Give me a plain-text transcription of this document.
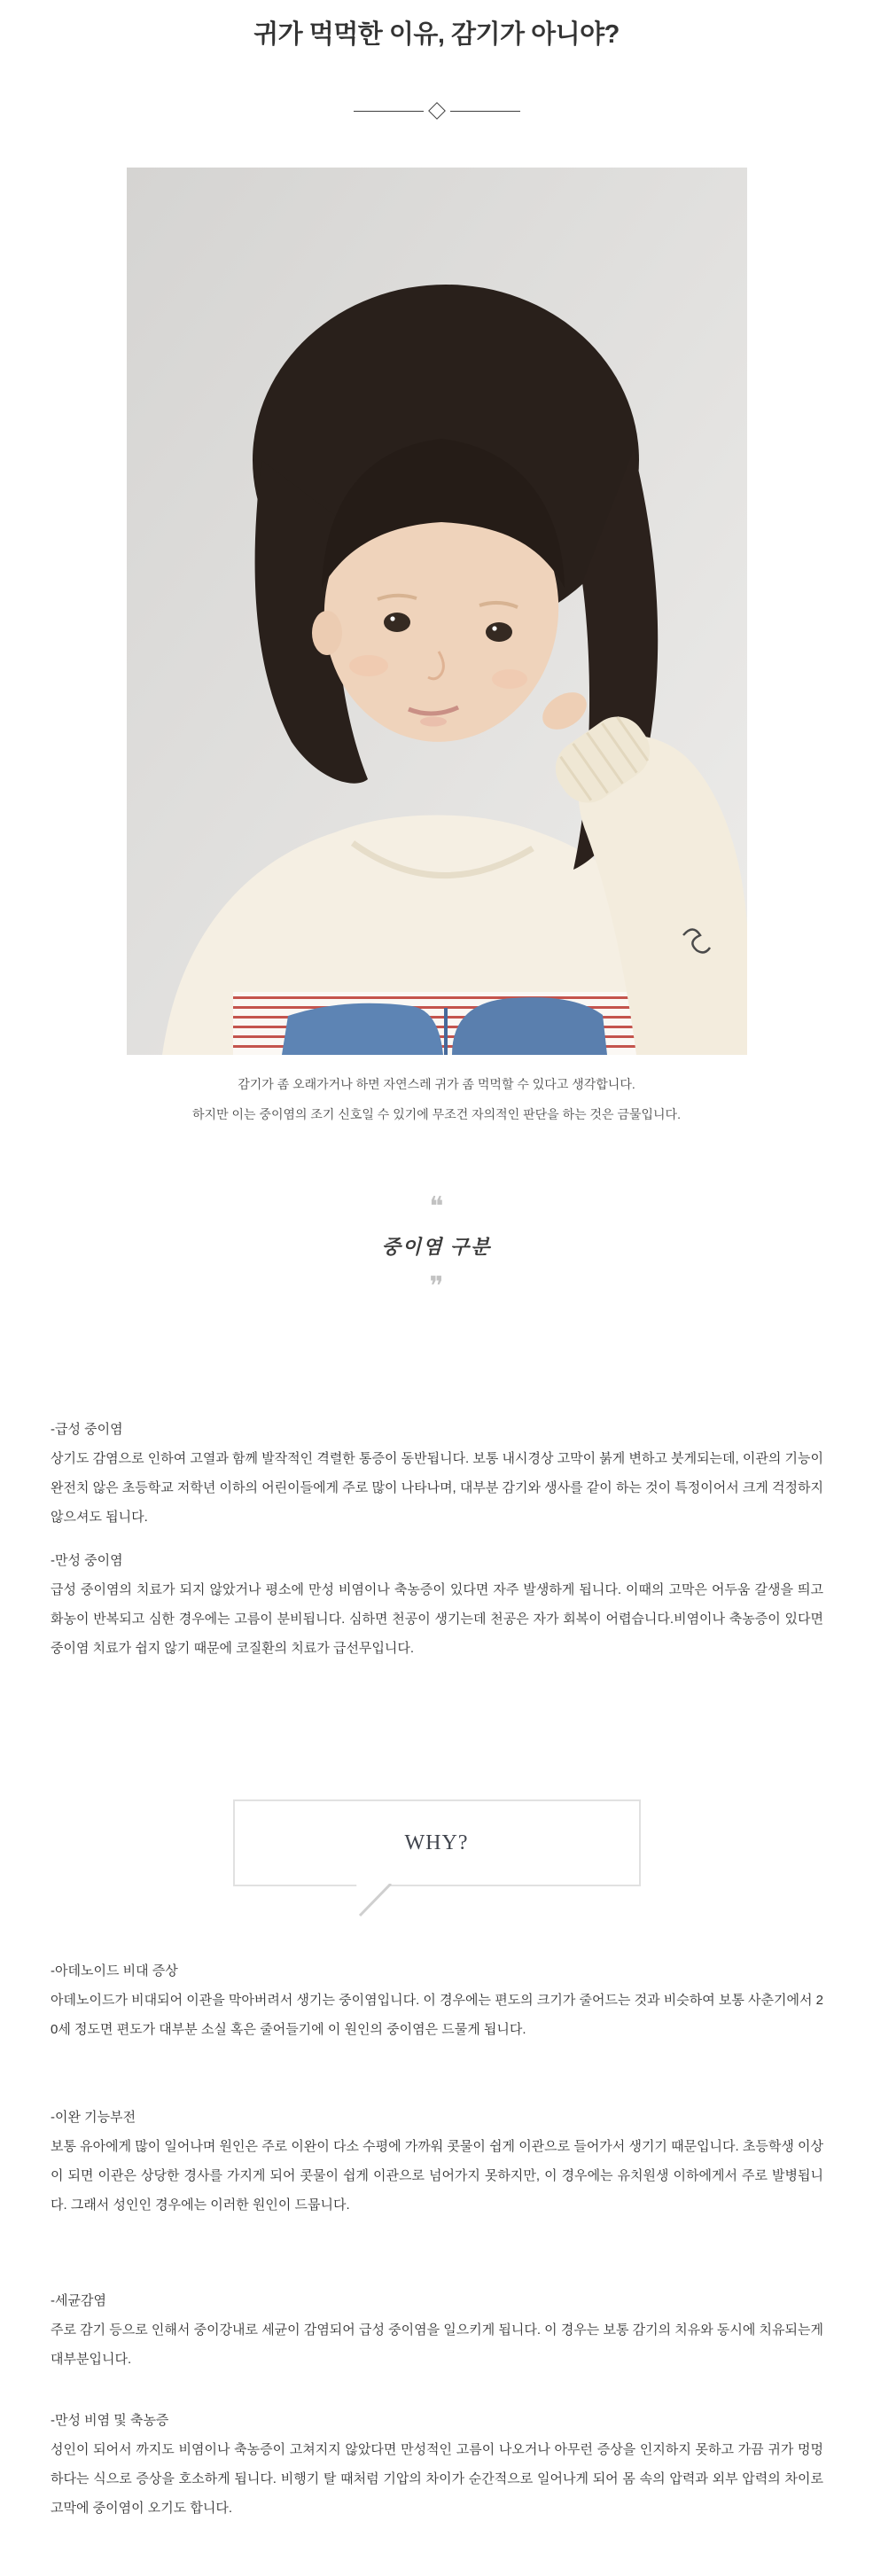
귀가 먹먹한 이유, 감기가 아니야?
감기가 좀 오래가거나 하면 자연스레 귀가 좀 먹먹할 수 있다고 생각합니다.
하지만 이는 중이염의 조기 신호일 수 있기에 무조건 자의적인 판단을 하는 것은 금물입니다.
❝
중이염 구분
❞
-급성 중이염
상기도 감염으로 인하여 고열과 함께 발작적인 격렬한 통증이 동반됩니다. 보통 내시경상 고막이 붉게 변하고 붓게되는데, 이관의 기능이 완전치 않은 초등학교 저학년 이하의 어린이들에게 주로 많이 나타나며, 대부분 감기와 생사를 같이 하는 것이 특정이어서 크게 걱정하지 않으셔도 됩니다.
-만성 중이염
급성 중이염의 치료가 되지 않았거나 평소에 만성 비염이나 축농증이 있다면 자주 발생하게 됩니다. 이때의 고막은 어두움 갈생을 띄고 화농이 반복되고 심한 경우에는 고름이 분비됩니다. 심하면 천공이 생기는데 천공은 자가 회복이 어렵습니다.비염이나 축농증이 있다면 중이염 치료가 쉽지 않기 때문에 코질환의 치료가 급선무입니다.
WHY?
-아데노이드 비대 증상
아데노이드가 비대되어 이관을 막아버려서 생기는 중이염입니다. 이 경우에는 편도의 크기가 줄어드는 것과 비슷하여 보통 사춘기에서 20세 정도면 편도가 대부분 소실 혹은 줄어들기에 이 원인의 중이염은 드물게 됩니다.
-이완 기능부전
보통 유아에게 많이 일어나며 원인은 주로 이완이 다소 수평에 가까워 콧물이 쉽게 이관으로 들어가서 생기기 때문입니다. 초등학생 이상이 되면 이관은 상당한 경사를 가지게 되어 콧물이 쉽게 이관으로 넘어가지 못하지만, 이 경우에는 유치원생 이하에게서 주로 발병됩니다. 그래서 성인인 경우에는 이러한 원인이 드뭅니다.
-세균감염
주로 감기 등으로 인해서 중이강내로 세균이 감염되어 급성 중이염을 일으키게 됩니다. 이 경우는 보통 감기의 치유와 동시에 치유되는게 대부분입니다.
-만성 비염 및 축농증
성인이 되어서 까지도 비염이나 축농증이 고쳐지지 않았다면 만성적인 고름이 나오거나 아무런 증상을 인지하지 못하고 가끔 귀가 멍멍하다는 식으로 증상을 호소하게 됩니다. 비행기 탈 때처럼 기압의 차이가 순간적으로 일어나게 되어 몸 속의 압력과 외부 압력의 차이로 고막에 중이염이 오기도 합니다.
